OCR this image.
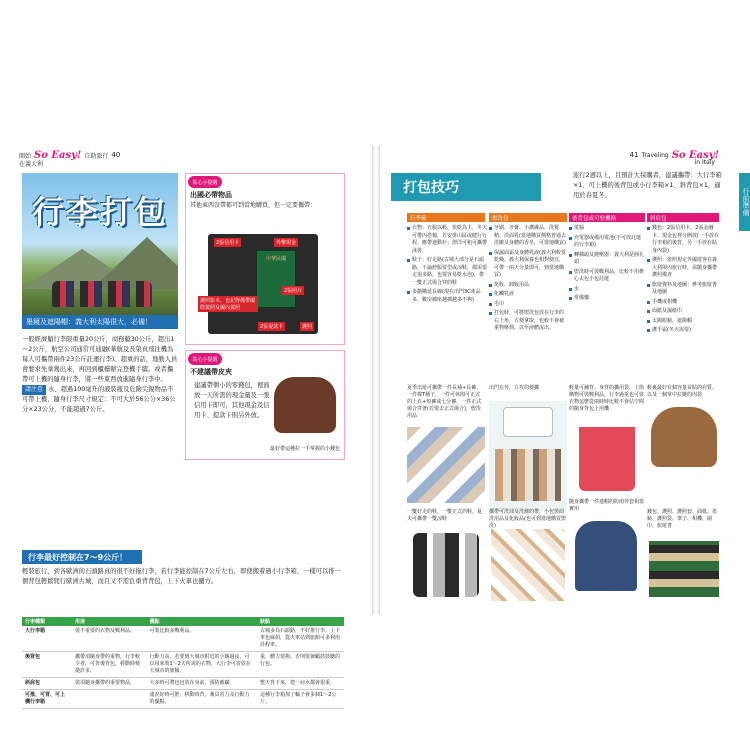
開始 So Easy! 自助旅行 40
在義大利
行李打包
墨鏡及遮陽帽：義大利太陽很大，必備！
一般經濟艙行李限重量20公斤，商務艙30公斤，超出1～2公斤，航空公司通常可通融(華航及長榮真飛往機為每人可攜帶兩件23公斤託運行李)。超重的話，地勤人員會要求先拿幾出來，再回到櫃檯辦完登機手續。或者攜帶可上機的隨身行李，將一些東西放進隨身行李中。
請注意 水、超過100毫升的液裝瓶及危險尖銳物品不可帶上機，隨身行李尺寸規定：不可大於56公分×36公分×23公分，不能超過7公斤。
貼心小提醒
出國必帶物品

其他東西沒帶都可到當地購買，但一定要攜帶：

中華民國
2張信用卡	外幣現金
2張照片
護照影本，也記得備帶國際駕照及國內駕照
2張提款卡	護照
貼心小提醒
不建議帶皮夾
建議帶個小的零錢包，裡面放一天所需的現金量及一張信用卡即可，其他現金及信用卡、提款卡則另外放。
最好帶這種拉一手掌握的小錢包
行李最好控制在7～9公斤！
輕裝旅行，到各歐洲的石頭路真的很不好拖行李，若行李能控制在7公斤左右，即使搬着過小行李箱、一樣可以推一個背包輕鬆爬行歐洲古城，而且又不需負重背背包，上下火車也蠻方。
行李種類	用途	優點	缺點
大行李箱	裝不重要的衣物及戰利品。	可裝比較多戰利品。	古城多為石頭路，不好推行李。上下車也麻煩，從火車站到旅館可多利用計程車。
後背包	攜帶須隨身帶的重物，行李較少者，可背後背包，移動時便捷許多。	行動力高。若要到大城市附近的小鎮過夜，可以用來裝1～2天所需的衣物，大行李可寄放在大城市的旅館。	重，體力要夠。否則要兼顧鼓鼓聽的行包。
斜肩包	裝須隨身攜帶的重要物品。	大多時可將包包放在身前，預防被竊。	整天背下來，建一肩水都會很重。
可推、可背、可上機行李箱		諸況好時可推，移動時背，兼具省力及行動力的優點。	這種行李箱加了輪子會多個1～2公斤。
41 Traveling So Easy!
in Italy
行前準備
打包技巧
旅行2週以上，且預計大採購者，建議攜帶：大行李箱×1、可上機的後背包或小行李箱×1、斜背包×1，適用於春夏冬。
行李箱	盥洗包	後背包或可登機箱	斜肩包
衣物：衣服以輕、快乾為主，冬天可帶內搭棉，若安排山區或健行行程，應帶連動衫；漂洋可租可攜帶泳裝
鞋子：好走路(古城大部分是石頭路，不論舒服要型或涼鞋，都需要走很多路，也要容易乾水泡)，帶一雙正式場合穿的鞋
多隨購延長線(現在出門3C產品多，數房插座越插越多不夠)
牙刷、牙膏、小護膚品、洗髮精、洗面乳(當地購買價格普通去洗臉及身體的香皂，可當地購買)
保濕面霜及身體乳液(義大利較當乾燥，義大利保養也相對便宜，可帶一兩天分量即可，到當地購買)
化妝、卸妝用品
化觸乳液
毛巾
打包時，可將盥洗包放在行李的右上角，方便拿取，也較不會被重物壓到，以至液體流出。
電腦
充電器或備用電池(不可放託運的行李箱)
轉插頭及變壓器：義大利是圓孔頭
盥洗時可裝戰利品，比較不用擔心太包小包託運
水
常備藥
錢包：2張信用卡、2張金融卡、現金包裡分開放(一手放在行李箱的後背，另一手放在貼身內袋)
護照：依照規定外國遊客在義大利境內旅行時，需隨身攜帶護照備查
旅遊資料及地圖：參考旅遊書及地圖
手機或相機
面紙及濕紙巾
太陽眼鏡、遮陽帽
護手霜(冬天需要)
夏季出遊可攜帶一件長袖+長褲，一件棉T桶子，一件可休閒可正式的上衣+短褲或七分褲、一件正式場合穿著(若要去正式場合)，盥洗用品
出門在外，方攻的便攜	輕量可舖背、身背的攜用袋，上街購物可裝戰利品，行李過重也可裝衣物這麼從兩時時比較不會佔空間的隨身背包上用機
輕裏最好有個容量並貼的肩質、以及一個掌中拉鏈的內袋
一雙好走的鞋，一雙正式的鞋，夏天可攜帶一雙涼鞋
攜帶可洗油及洗滌的帶，小包裝面洗用品及化妝品(也可到當地購買盥洗)
隨身攜帶一件連帽的防雨外套相當實用	錢包、護照、護照套、面紙、墨鏡、護照袋、筆子、相機、圍巾、旅遊書
